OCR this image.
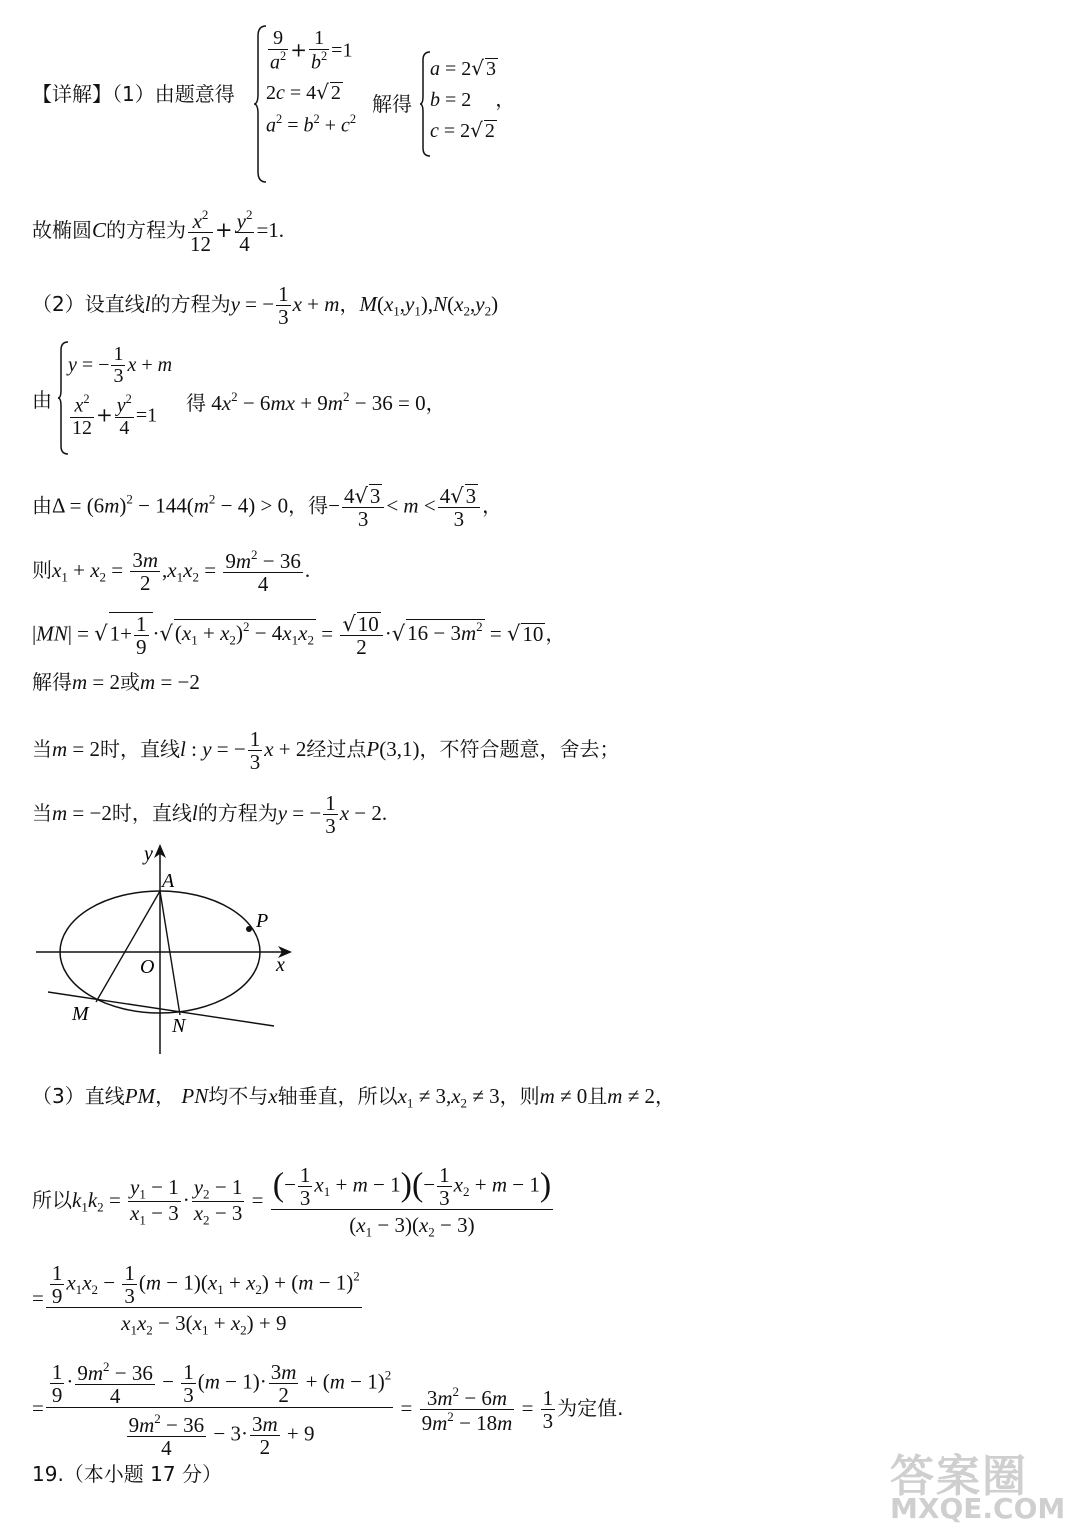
【详解】（1）由题意得
$\frac{9}{a^2} + \frac{1}{b^2} =1$
2c = 4√ 2
$a^2 = b^2 + c^2$
解得
a = 2√ 3
b = 2 ，
c = 2√ 2
故椭圆C的方程为 $\frac{x^2}{12} + \frac{y^2}{4} =1$.
（2）设直线l的方程为y = − $\frac{1}{3}$ x + m，$M(x_1,y_1),N(x_2,y_2)$
由
y = − $\frac{1}{3}$ x + m
$\frac{x^2}{12} + \frac{y^2}{4} =1$
得 $4x^2 - 6mx + 9m^2 - 36 = 0$，
由$\Delta = (6m)^2 - 144(m^2 - 4) > 0$，得− $\frac{4√3}{3} < m < \frac{4√3}{3}$ ，
则$x_1 + x_2 = \frac{3m}{2} ,x_1x_2 = \frac{9m^2 - 36}{4}$ .
$|MN| = √1+ \frac{1}{9} \cdot√(x_1 + x_2)^2 - 4x_1x_2 = \frac{√10}{2} \cdot√16 - 3m^2 = √10$ ，
解得m = 2或m = −2
当m = 2时，直线l : y = − $\frac{1}{3}$ x + 2经过点P(3,1)，不符合题意，舍去；
当m = −2时，直线l的方程为y = − $\frac{1}{3}$ x − 2.
y
A
P
O	x
M
N
（3）直线PM， PN均不与x轴垂直，所以$x_1 \ne 3,x_2 \ne 3$，则m ≠ 0且m ≠ 2，
所以$k_1k_2 = \frac{y_1 - 1}{x_1 - 3} \cdot \frac{y_2 - 1}{x_2 - 3} = \frac{(- \frac{1}{3} x_1 + m - 1)(- \frac{1}{3} x_2 + m - 1)}{(x_1 - 3)(x_2 - 3)}$
= $\frac{\frac{1}{9} x_1x_2 - \frac{1}{3} (m - 1)(x_1 + x_2) + (m - 1)^2}{x_1x_2 - 3(x_1 + x_2) + 9}$
= $\frac{\frac{1}{9} \cdot \frac{9m^2 - 36}{4} - \frac{1}{3} (m - 1)\cdot \frac{3m}{2} + (m - 1)^2}{\frac{9m^2 - 36}{4} - 3\cdot \frac{3m}{2} + 9} = \frac{3m^2 - 6m}{9m^2 - 18m} = \frac{1}{3}$ 为定值.
19.（本小题 17 分）	答案圈
MXQE.COM
